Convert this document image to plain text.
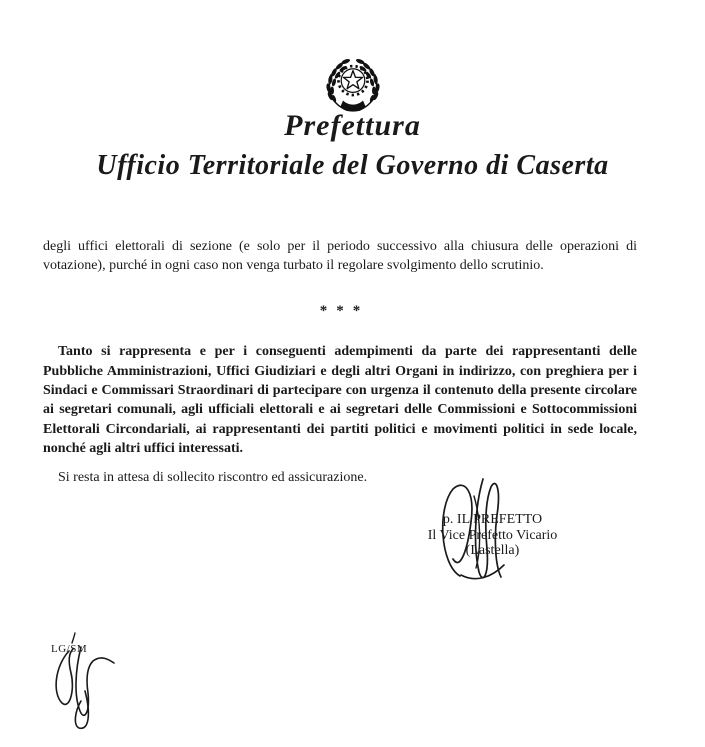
Prefettura
Ufficio Territoriale del Governo di Caserta

degli uffici elettorali di sezione (e solo per il periodo successivo alla chiusura delle operazioni di votazione), purché in ogni caso non venga turbato il regolare svolgimento dello scrutinio.

***

Tanto si rappresenta e per i conseguenti adempimenti da parte dei rappresentanti delle Pubbliche Amministrazioni, Uffici Giudiziari e degli altri Organi in indirizzo, con preghiera per i Sindaci e Commissari Straordinari di partecipare con urgenza il contenuto della presente circolare ai segretari comunali, agli ufficiali elettorali e ai segretari delle Commissioni e Sottocommissioni Elettorali Circondariali, ai rappresentanti dei partiti politici e movimenti politici in sede locale, nonché agli altri uffici interessati.

Si resta in attesa di sollecito riscontro ed assicurazione.

p. IL PREFETTO
Il Vice Prefetto Vicario
(Lastella)
LG/SM
